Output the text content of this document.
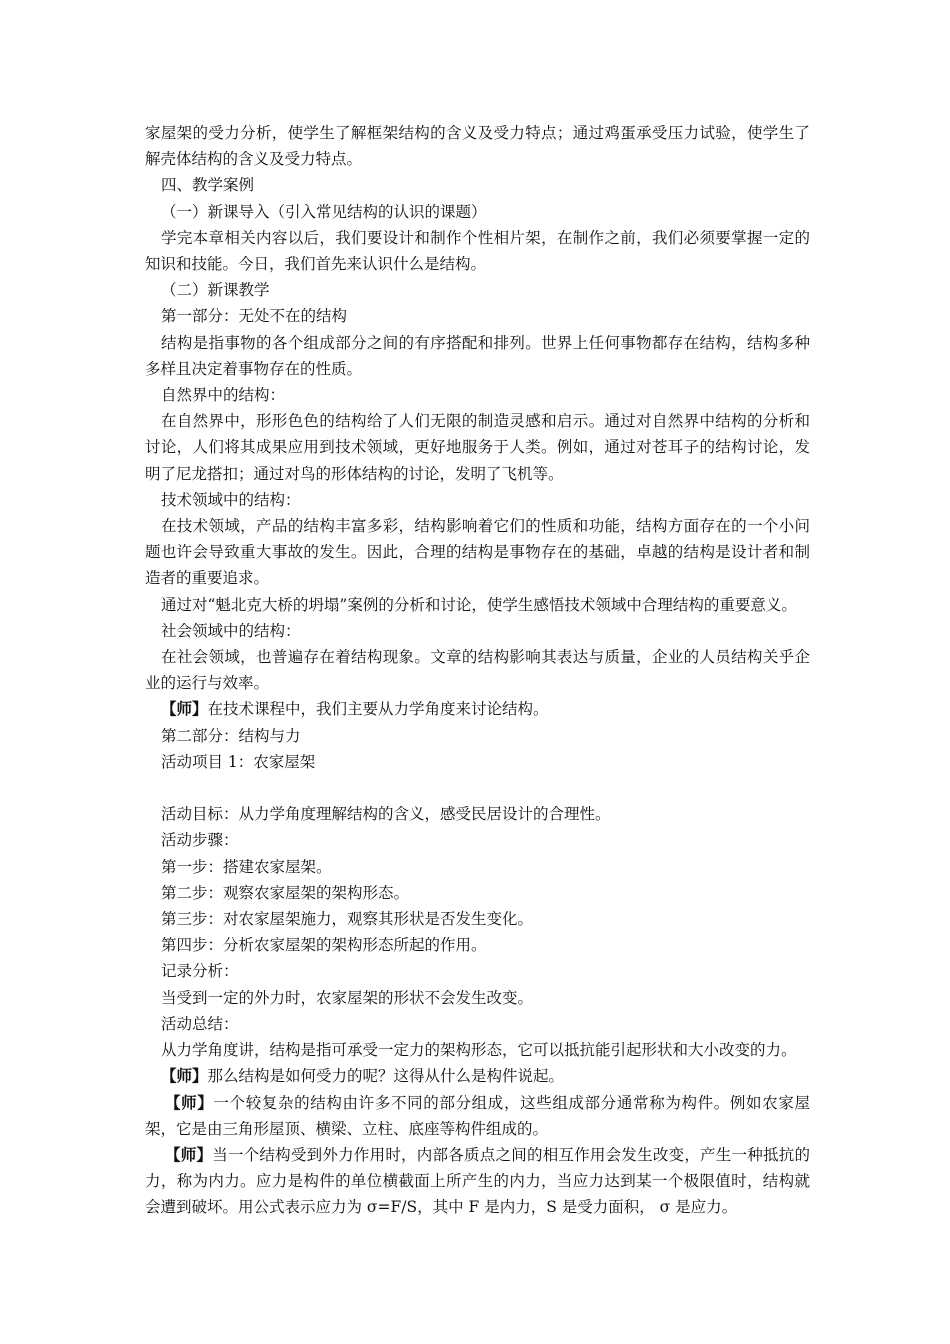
家屋架的受力分析，使学生了解框架结构的含义及受力特点；通过鸡蛋承受压力试验，使学生了解壳体结构的含义及受力特点。

四、教学案例

（一）新课导入（引入常见结构的认识的课题）

学完本章相关内容以后，我们要设计和制作个性相片架，在制作之前，我们必须要掌握一定的知识和技能。今日，我们首先来认识什么是结构。

（二）新课教学

第一部分：无处不在的结构

结构是指事物的各个组成部分之间的有序搭配和排列。世界上任何事物都存在结构，结构多种多样且决定着事物存在的性质。

自然界中的结构：

在自然界中，形形色色的结构给了人们无限的制造灵感和启示。通过对自然界中结构的分析和讨论，人们将其成果应用到技术领域，更好地服务于人类。例如，通过对苍耳子的结构讨论，发明了尼龙搭扣；通过对鸟的形体结构的讨论，发明了飞机等。

技术领域中的结构：

在技术领域，产品的结构丰富多彩，结构影响着它们的性质和功能，结构方面存在的一个小问题也许会导致重大事故的发生。因此，合理的结构是事物存在的基础，卓越的结构是设计者和制造者的重要追求。

通过对“魁北克大桥的坍塌”案例的分析和讨论，使学生感悟技术领域中合理结构的重要意义。

社会领域中的结构：

在社会领域，也普遍存在着结构现象。文章的结构影响其表达与质量，企业的人员结构关乎企业的运行与效率。

【师】在技术课程中，我们主要从力学角度来讨论结构。

第二部分：结构与力

活动项目 1：农家屋架

活动目标：从力学角度理解结构的含义，感受民居设计的合理性。

活动步骤：

第一步：搭建农家屋架。

第二步：观察农家屋架的架构形态。

第三步：对农家屋架施力，观察其形状是否发生变化。

第四步：分析农家屋架的架构形态所起的作用。

记录分析：

当受到一定的外力时，农家屋架的形状不会发生改变。

活动总结：

从力学角度讲，结构是指可承受一定力的架构形态，它可以抵抗能引起形状和大小改变的力。

【师】那么结构是如何受力的呢？这得从什么是构件说起。

【师】一个较复杂的结构由许多不同的部分组成，这些组成部分通常称为构件。例如农家屋架，它是由三角形屋顶、横梁、立柱、底座等构件组成的。

【师】当一个结构受到外力作用时，内部各质点之间的相互作用会发生改变，产生一种抵抗的力，称为内力。应力是构件的单位横截面上所产生的内力，当应力达到某一个极限值时，结构就会遭到破坏。用公式表示应力为 σ=F/S，其中 F 是内力，S 是受力面积， σ 是应力。
